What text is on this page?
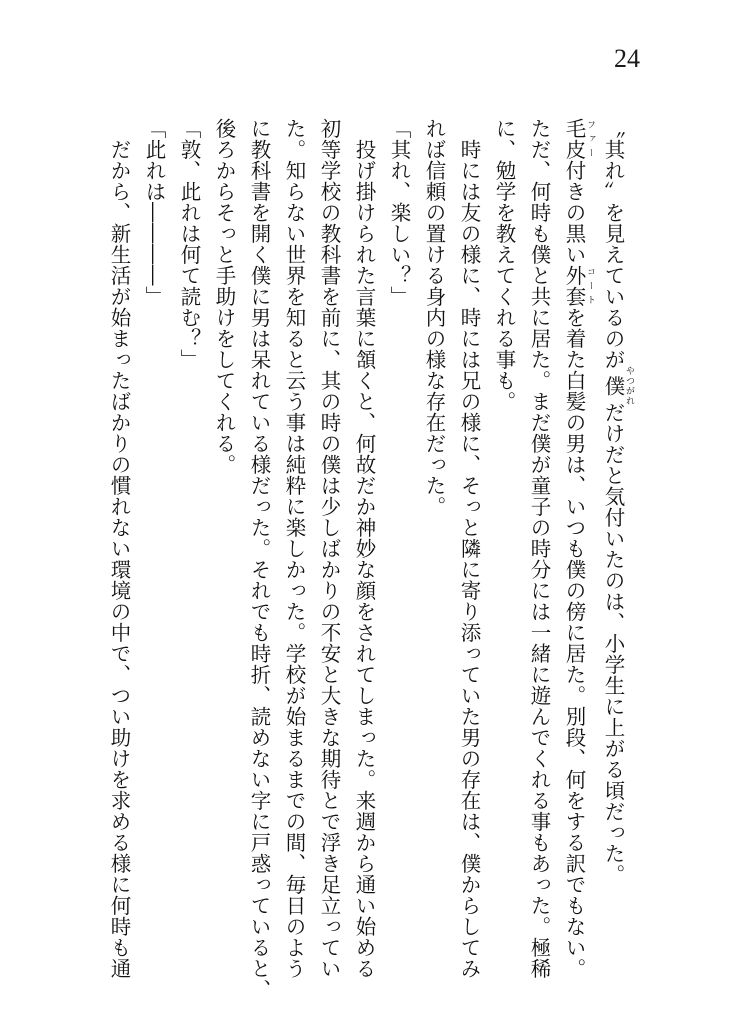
24
〝其れ〟を見えているのが僕 やつがれだけだと気付いたのは、小学生に上がる頃だった。
毛皮 ファー付きの黒い外套 コートを着た白髪の男は、いつも僕の傍に居た。別段、何をする訳でもない。
ただ、何時も僕と共に居た。まだ僕が童子の時分には一緒に遊んでくれる事もあった。極稀
に、勉学を教えてくれる事も。
　時には友の様に、時には兄の様に、そっと隣に寄り添っていた男の存在は、僕からしてみ
れば信頼の置ける身内の様な存在だった。
「其れ、楽しい？」
　投げ掛けられた言葉に頷くと、何故だか神妙な顔をされてしまった。来週から通い始める
初等学校の教科書を前に、其の時の僕は少しばかりの不安と大きな期待とで浮き足立ってい
た。知らない世界を知ると云う事は純粋に楽しかった。学校が始まるまでの間、毎日のよう
に教科書を開く僕に男は呆れている様だった。それでも時折、読めない字に戸惑っていると、
後ろからそっと手助けをしてくれる。
「敦、此れは何て読む？」
「此れは――――」
　だから、新生活が始まったばかりの慣れない環境の中で、つい助けを求める様に何時も通
